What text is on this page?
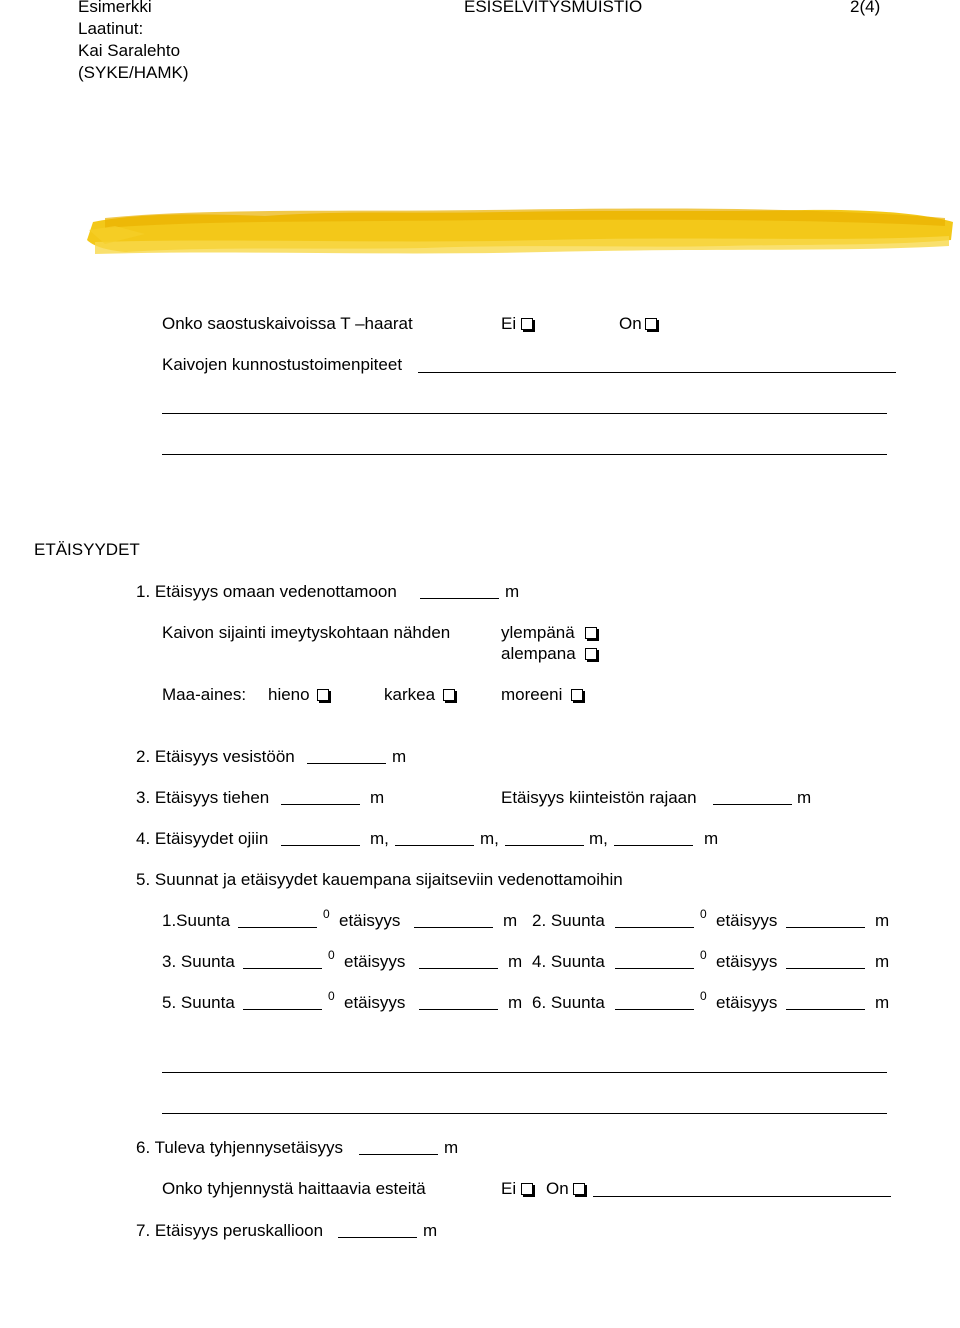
Esimerkki
Laatinut:
Kai Saralehto
(SYKE/HAMK)
ESISELVITYSMUISTIO	2(4)
Onko saostuskaivoissa T –haarat	Ei	On
Kaivojen kunnostustoimenpiteet
ETÄISYYDET
1. Etäisyys omaan vedenottamoon	m
Kaivon sijainti imeytyskohtaan nähden	ylempänä
alempana
Maa-aines: hieno	karkea	moreeni
2. Etäisyys vesistöön	m
3. Etäisyys tiehen	m	Etäisyys kiinteistön rajaan	m
4. Etäisyydet ojiin	m,	m,	m,	m
5. Suunnat ja etäisyydet kauempana sijaitseviin vedenottamoihin
1.Suunta	0 etäisyys	m 2. Suunta	0 etäisyys	m
3. Suunta	0 etäisyys	m 4. Suunta	0 etäisyys	m
5. Suunta	0 etäisyys	m 6. Suunta	0 etäisyys	m
6. Tuleva tyhjennysetäisyys	m
Onko tyhjennystä haittaavia esteitä	Ei On
7. Etäisyys peruskallioon	m
